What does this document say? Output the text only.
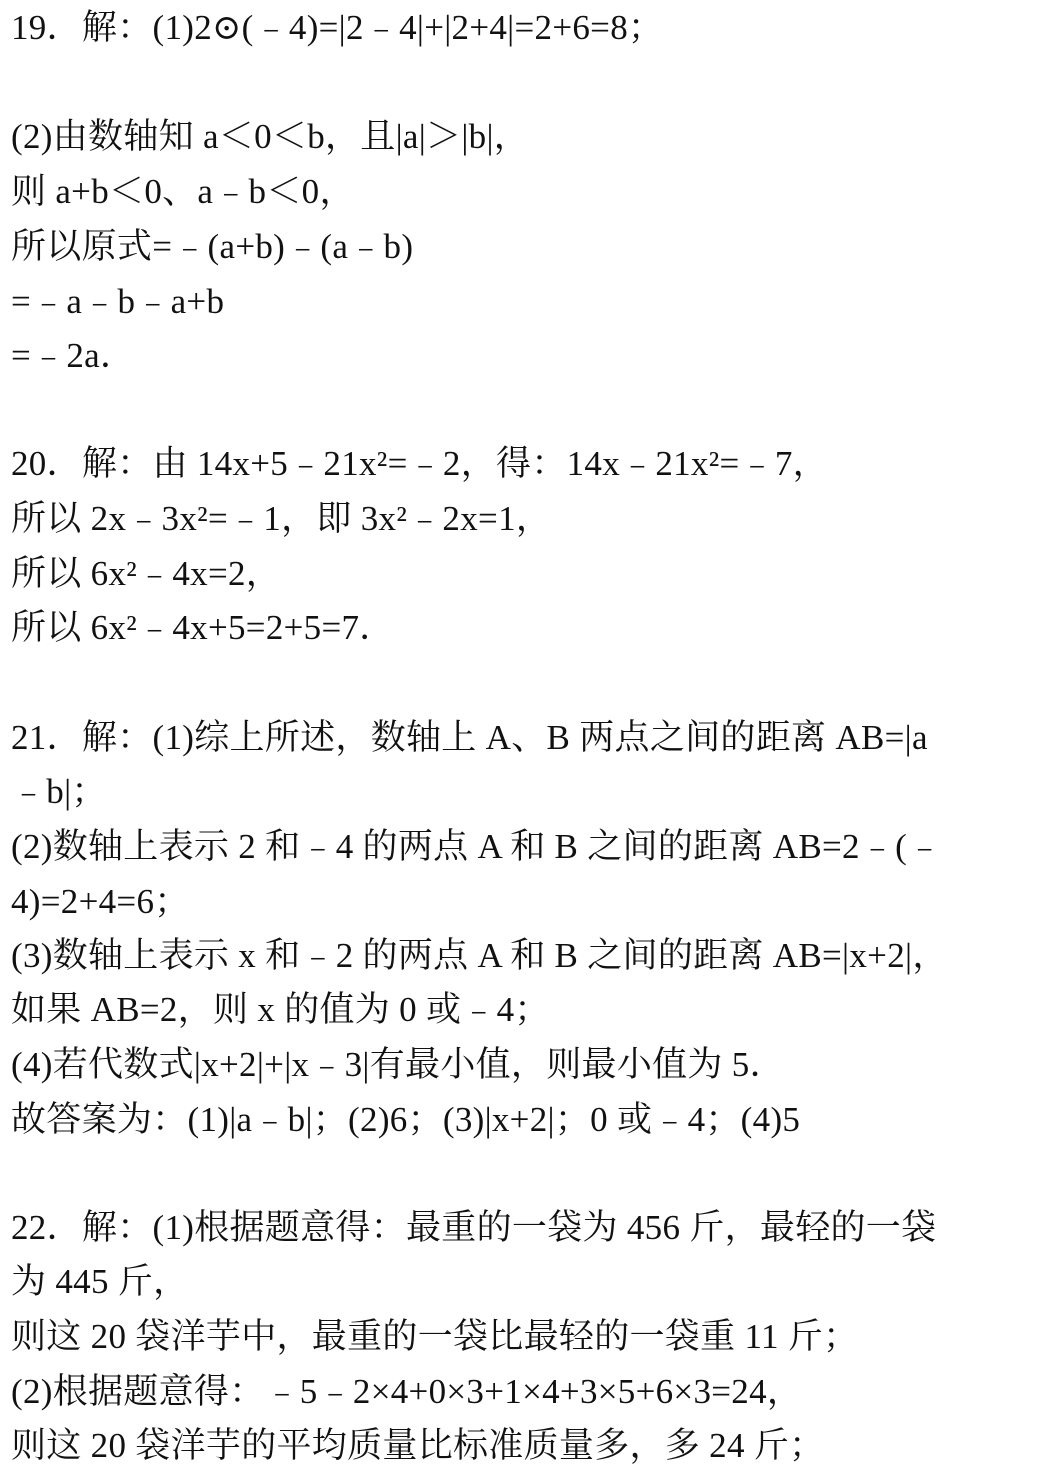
19．解：(1)2⊙(﹣4)=|2﹣4|+|2+4|=2+6=8；
(2)由数轴知 a＜0＜b，且|a|＞|b|，
则 a+b＜0、a﹣b＜0，
所以原式=﹣(a+b)﹣(a﹣b)
=﹣a﹣b﹣a+b
=﹣2a．
20．解：由 14x+5﹣21x²=﹣2，得：14x﹣21x²=﹣7，
所以 2x﹣3x²=﹣1，即 3x²﹣2x=1，
所以 6x²﹣4x=2，
所以 6x²﹣4x+5=2+5=7．
21．解：(1)综上所述，数轴上 A、B 两点之间的距离 AB=|a
﹣b|；
(2)数轴上表示 2 和﹣4 的两点 A 和 B 之间的距离 AB=2﹣(﹣
4)=2+4=6；
(3)数轴上表示 x 和﹣2 的两点 A 和 B 之间的距离 AB=|x+2|，
如果 AB=2，则 x 的值为 0 或﹣4；
(4)若代数式|x+2|+|x﹣3|有最小值，则最小值为 5．
故答案为：(1)|a﹣b|；(2)6；(3)|x+2|；0 或﹣4；(4)5
22．解：(1)根据题意得：最重的一袋为 456 斤，最轻的一袋
为 445 斤，
则这 20 袋洋芋中，最重的一袋比最轻的一袋重 11 斤；
(2)根据题意得：﹣5﹣2×4+0×3+1×4+3×5+6×3=24，
则这 20 袋洋芋的平均质量比标准质量多，多 24 斤；
